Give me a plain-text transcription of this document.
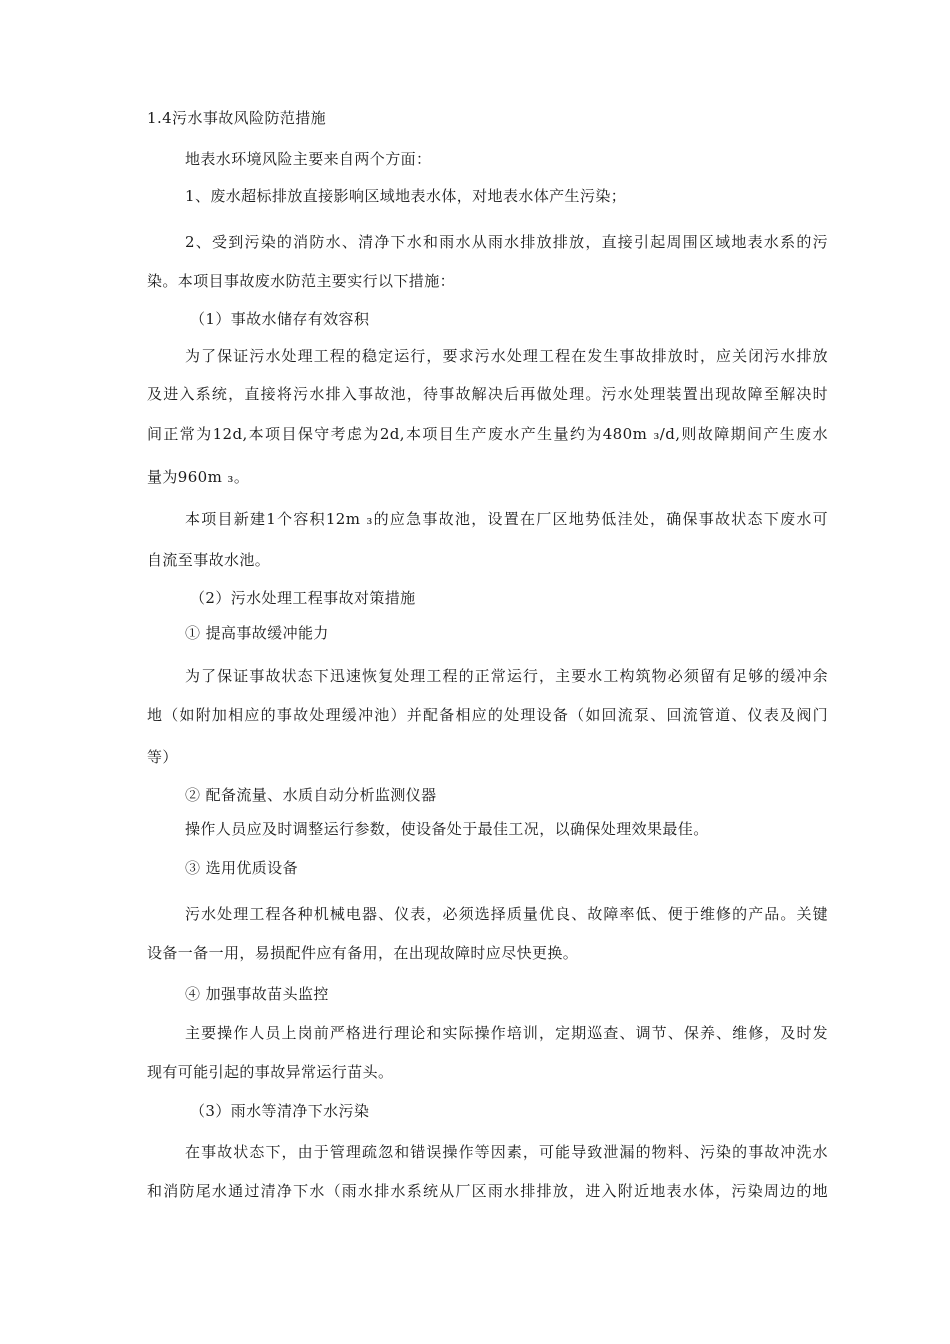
1.4污水事故风险防范措施

地表水环境风险主要来自两个方面：

1、废水超标排放直接影响区域地表水体，对地表水体产生污染；

2、受到污染的消防水、清净下水和雨水从雨水排放排放，直接引起周围区域地表水系的污

染。本项目事故废水防范主要实行以下措施：

（1）事故水储存有效容积

为了保证污水处理工程的稳定运行，要求污水处理工程在发生事故排放时，应关闭污水排放

及进入系统，直接将污水排入事故池，待事故解决后再做处理。污水处理装置出现故障至解决时

间正常为12d,本项目保守考虑为2d,本项目生产废水产生量约为480m ₃/d,则故障期间产生废水

量为960m ₃。

本项目新建1个容积12m ₃的应急事故池，设置在厂区地势低洼处，确保事故状态下废水可

自流至事故水池。

（2）污水处理工程事故对策措施

① 提高事故缓冲能力

为了保证事故状态下迅速恢复处理工程的正常运行，主要水工构筑物必须留有足够的缓冲余

地（如附加相应的事故处理缓冲池）并配备相应的处理设备（如回流泵、回流管道、仪表及阀门

等）

② 配备流量、水质自动分析监测仪器

操作人员应及时调整运行参数，使设备处于最佳工况，以确保处理效果最佳。

③ 选用优质设备

污水处理工程各种机械电器、仪表，必须选择质量优良、故障率低、便于维修的产品。关键

设备一备一用，易损配件应有备用，在出现故障时应尽快更换。

④ 加强事故苗头监控

主要操作人员上岗前严格进行理论和实际操作培训，定期巡查、调节、保养、维修，及时发

现有可能引起的事故异常运行苗头。

（3）雨水等清净下水污染

在事故状态下，由于管理疏忽和错误操作等因素，可能导致泄漏的物料、污染的事故冲洗水

和消防尾水通过清净下水（雨水排水系统从厂区雨水排排放，进入附近地表水体，污染周边的地
